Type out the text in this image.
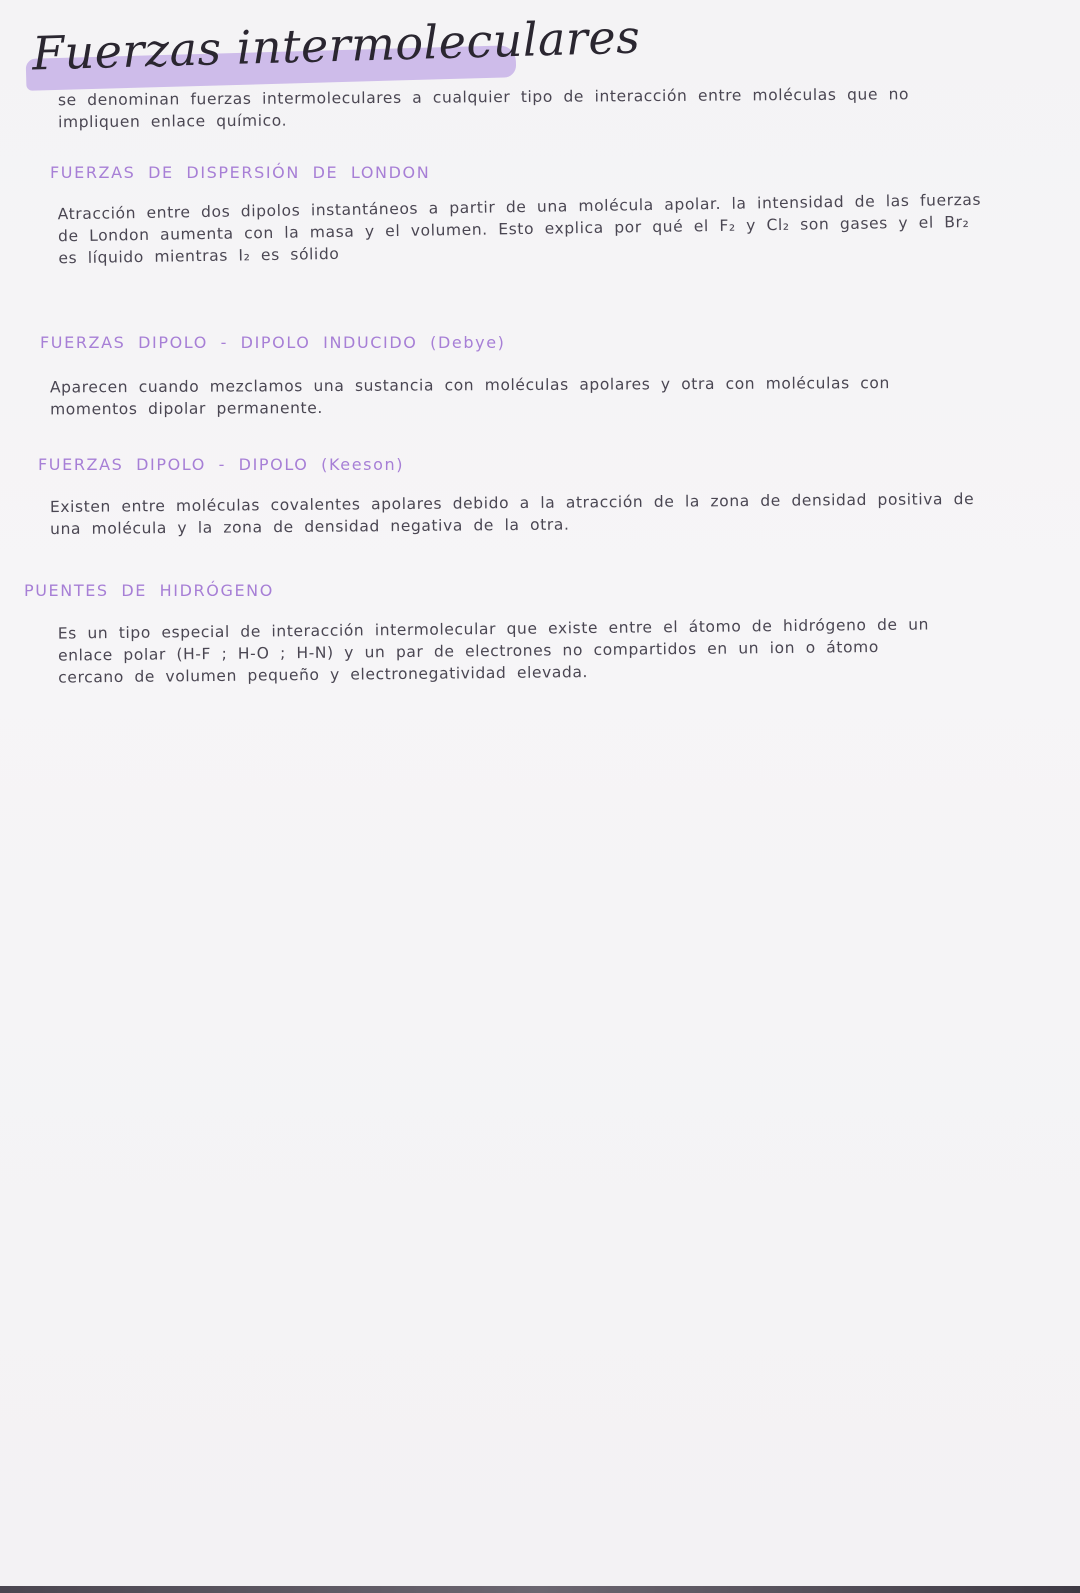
Fuerzas intermoleculares

se denominan fuerzas intermoleculares a cualquier tipo de interacción entre moléculas que no impliquen enlace químico.

FUERZAS DE DISPERSIÓN DE LONDON

Atracción entre dos dipolos instantáneos a partir de una molécula apolar. la intensidad de las fuerzas de London aumenta con la masa y el volumen. Esto explica por qué el F₂ y Cl₂ son gases y el Br₂ es líquido mientras I₂ es sólido

FUERZAS DIPOLO - DIPOLO INDUCIDO (Debye)

Aparecen cuando mezclamos una sustancia con moléculas apolares y otra con moléculas con momentos dipolar permanente.

FUERZAS DIPOLO - DIPOLO (Keeson)

Existen entre moléculas covalentes apolares debido a la atracción de la zona de densidad positiva de una molécula y la zona de densidad negativa de la otra.

PUENTES DE HIDRÓGENO

Es un tipo especial de interacción intermolecular que existe entre el átomo de hidrógeno de un enlace polar (H-F ; H-O ; H-N) y un par de electrones no compartidos en un ion o átomo cercano de volumen pequeño y electronegatividad elevada.
